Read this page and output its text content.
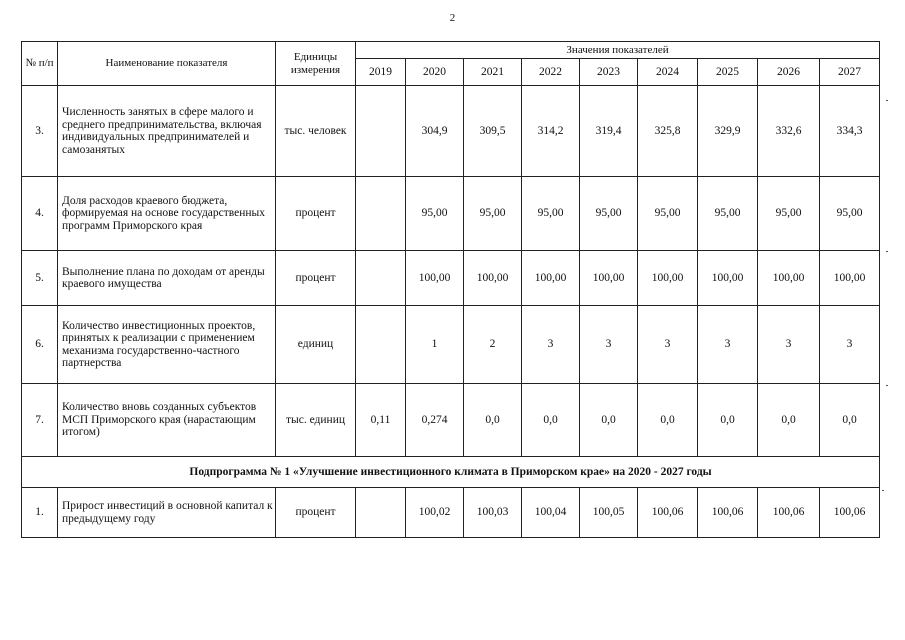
2
№ п/п	Наименование показателя	Единицы измерения	Значения показателей								
			2019	2020	2021	2022	2023	2024	2025	2026	2027
3.	Численность занятых в сфере малого и среднего предпринимательства, включая индивидуальных предпринимателей и самозанятых	тыс. человек		304,9	309,5	314,2	319,4	325,8	329,9	332,6	334,3
4.	Доля расходов краевого бюджета, формируемая на основе государственных программ Приморского края	процент		95,00	95,00	95,00	95,00	95,00	95,00	95,00	95,00
5.	Выполнение плана по доходам от аренды краевого имущества	процент		100,00	100,00	100,00	100,00	100,00	100,00	100,00	100,00
6.	Количество инвестиционных проектов, принятых к реализации с применением механизма государственно-частного партнерства	единиц		1	2	3	3	3	3	3	3
7.	Количество вновь созданных субъектов МСП Приморского края (нарастающим итогом)	тыс. единиц	0,11	0,274	0,0	0,0	0,0	0,0	0,0	0,0	0,0
Подпрограмма № 1 «Улучшение инвестиционного климата в Приморском крае» на 2020 - 2027 годы											
1.	Прирост инвестиций в основной капитал к предыдущему году	процент		100,02	100,03	100,04	100,05	100,06	100,06	100,06	100,06
